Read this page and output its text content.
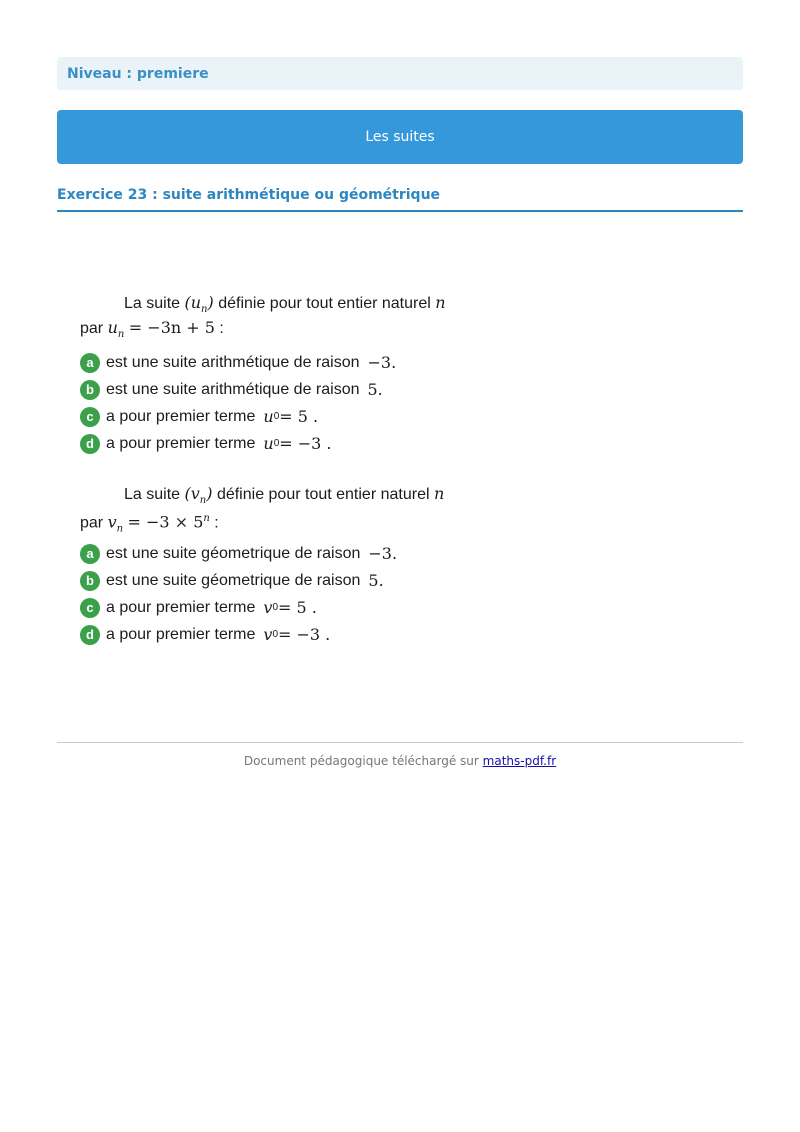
Niveau : premiere
Les suites
Exercice 23 : suite arithmétique ou géométrique
La suite $(u_n)$ définie pour tout entier naturel n
par $u_n = -3n + 5$ :
a est une suite arithmétique de raison −3 .
b est une suite arithmétique de raison 5 .
c a pour premier terme u 0 = 5 .
d a pour premier terme u 0 = −3 .
La suite $(v_n)$ définie pour tout entier naturel n
par $v_n = -3 \times 5^n$ :
a est une suite géometrique de raison −3 .
b est une suite géometrique de raison 5 .
c a pour premier terme v 0 = 5 .
d a pour premier terme v 0 = −3 .
Document pédagogique téléchargé sur maths-pdf.fr
